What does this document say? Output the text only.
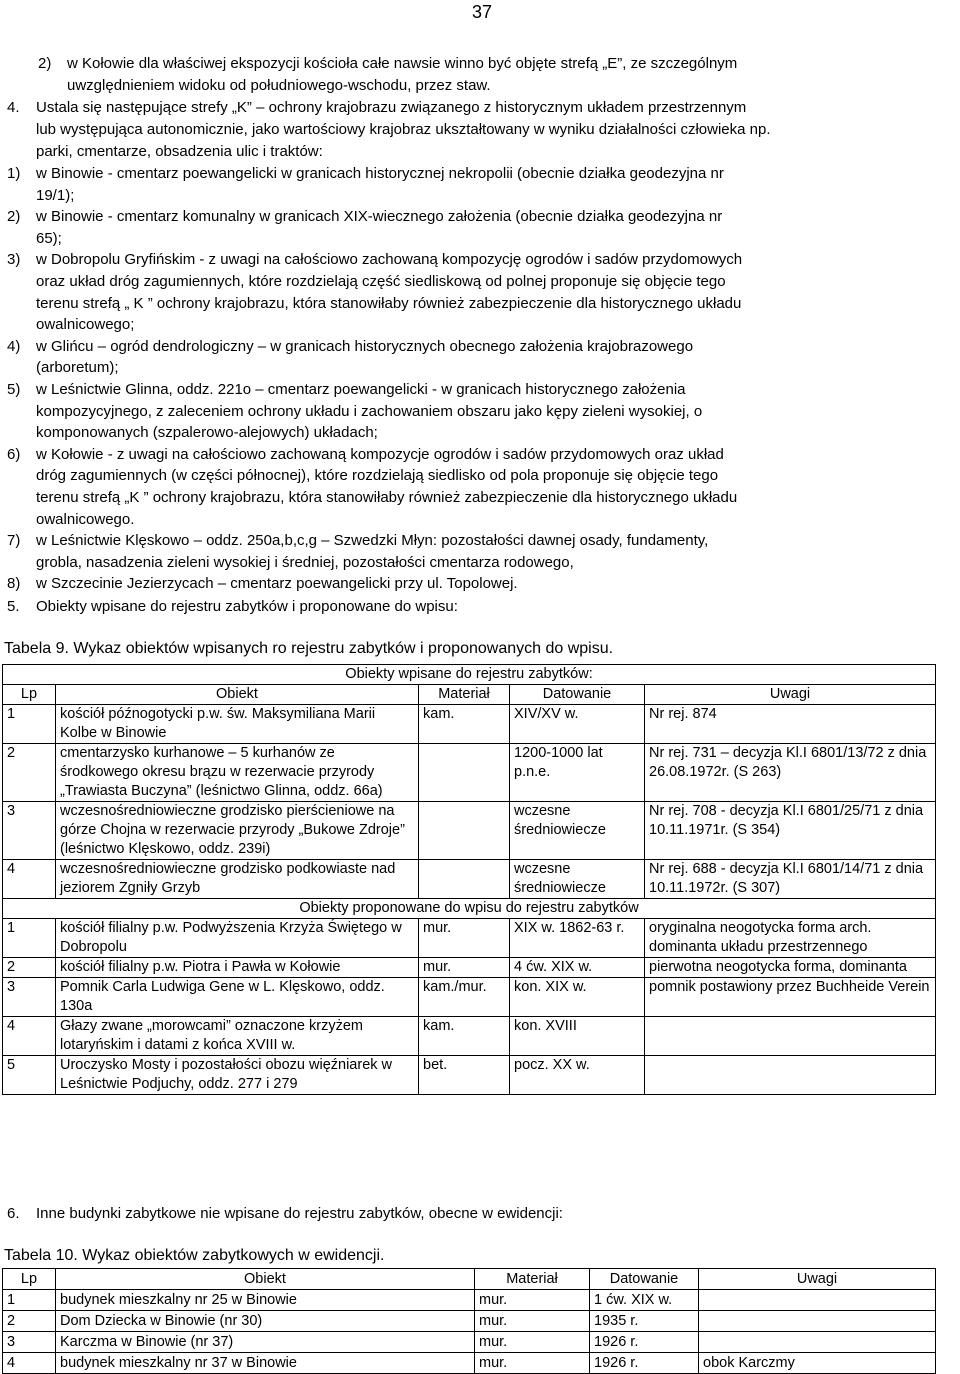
37
2) w Kołowie dla właściwej ekspozycji kościoła całe nawsie winno być objęte strefą „E”, ze szczególnym
uwzględnieniem widoku od południowego-wschodu, przez staw.
4. Ustala się następujące strefy „K” – ochrony krajobrazu związanego z historycznym układem przestrzennym
lub występująca autonomicznie, jako wartościowy krajobraz ukształtowany w wyniku działalności człowieka np.
parki, cmentarze, obsadzenia ulic i traktów:
1) w Binowie - cmentarz poewangelicki w granicach historycznej nekropolii (obecnie działka geodezyjna nr
19/1);
2) w Binowie - cmentarz komunalny w granicach XIX-wiecznego założenia (obecnie działka geodezyjna nr
65);
3) w Dobropolu Gryfińskim - z uwagi na całościowo zachowaną kompozycję ogrodów i sadów przydomowych
oraz układ dróg zagumiennych, które rozdzielają część siedliskową od polnej proponuje się objęcie tego
terenu strefą „ K ” ochrony krajobrazu, która stanowiłaby również zabezpieczenie dla historycznego układu
owalnicowego;
4) w Glińcu – ogród dendrologiczny – w granicach historycznych obecnego założenia krajobrazowego
(arboretum);
5) w Leśnictwie Glinna, oddz. 221o – cmentarz poewangelicki - w granicach historycznego założenia
kompozycyjnego, z zaleceniem ochrony układu i zachowaniem obszaru jako kępy zieleni wysokiej, o
komponowanych (szpalerowo-alejowych) układach;
6) w Kołowie - z uwagi na całościowo zachowaną kompozycje ogrodów i sadów przydomowych oraz układ
dróg zagumiennych (w części północnej), które rozdzielają siedlisko od pola proponuje się objęcie tego
terenu strefą „K ” ochrony krajobrazu, która stanowiłaby również zabezpieczenie dla historycznego układu
owalnicowego.
7) w Leśnictwie Klęskowo – oddz. 250a,b,c,g – Szwedzki Młyn: pozostałości dawnej osady, fundamenty,
grobla, nasadzenia zieleni wysokiej i średniej, pozostałości cmentarza rodowego,
8) w Szczecinie Jezierzycach – cmentarz poewangelicki przy ul. Topolowej.
5. Obiekty wpisane do rejestru zabytków i proponowane do wpisu:
Tabela 9. Wykaz obiektów wpisanych ro rejestru zabytków i proponowanych do wpisu.
Obiekty wpisane do rejestru zabytków:				
Lp	Obiekt	Materiał	Datowanie	Uwagi
1	kościół późnogotycki p.w. św. Maksymiliana Marii Kolbe w Binowie	kam.	XIV/XV w.	Nr rej. 874
2	cmentarzysko kurhanowe – 5 kurhanów ze środkowego okresu brązu w rezerwacie przyrody „Trawiasta Buczyna” (leśnictwo Glinna, oddz. 66a)		1200-1000 lat p.n.e.	Nr rej. 731 – decyzja Kl.I 6801/13/72 z dnia 26.08.1972r. (S 263)
3	wczesnośredniowieczne grodzisko pierścieniowe na górze Chojna w rezerwacie przyrody „Bukowe Zdroje” (leśnictwo Klęskowo, oddz. 239i)		wczesne średniowiecze	Nr rej. 708 - decyzja Kl.I 6801/25/71 z dnia 10.11.1971r. (S 354)
4	wczesnośredniowieczne grodzisko podkowiaste nad jeziorem Zgniły Grzyb		wczesne średniowiecze	Nr rej. 688 - decyzja Kl.I 6801/14/71 z dnia 10.11.1972r. (S 307)
Obiekty proponowane do wpisu do rejestru zabytków				
1	kościół filialny p.w. Podwyższenia Krzyża Świętego w Dobropolu	mur.	XIX w. 1862-63 r.	oryginalna neogotycka forma arch. dominanta układu przestrzennego
2	kościół filialny p.w. Piotra i Pawła w Kołowie	mur.	4 ćw. XIX w.	pierwotna neogotycka forma, dominanta
3	Pomnik Carla Ludwiga Gene w L. Klęskowo, oddz. 130a	kam./mur.	kon. XIX w.	pomnik postawiony przez Buchheide Verein
4	Głazy zwane „morowcami” oznaczone krzyżem lotaryńskim i datami z końca XVIII w.	kam.	kon. XVIII	
5	Uroczysko Mosty i pozostałości obozu więźniarek w Leśnictwie Podjuchy, oddz. 277 i 279	bet.	pocz. XX w.	
6. Inne budynki zabytkowe nie wpisane do rejestru zabytków, obecne w ewidencji:
Tabela 10. Wykaz obiektów zabytkowych w ewidencji.
Lp	Obiekt	Materiał	Datowanie	Uwagi
1	budynek mieszkalny nr 25 w Binowie	mur.	1 ćw. XIX w.	
2	Dom Dziecka w Binowie (nr 30)	mur.	1935 r.	
3	Karczma w Binowie (nr 37)	mur.	1926 r.	
4	budynek mieszkalny nr 37 w Binowie	mur.	1926 r.	obok Karczmy
